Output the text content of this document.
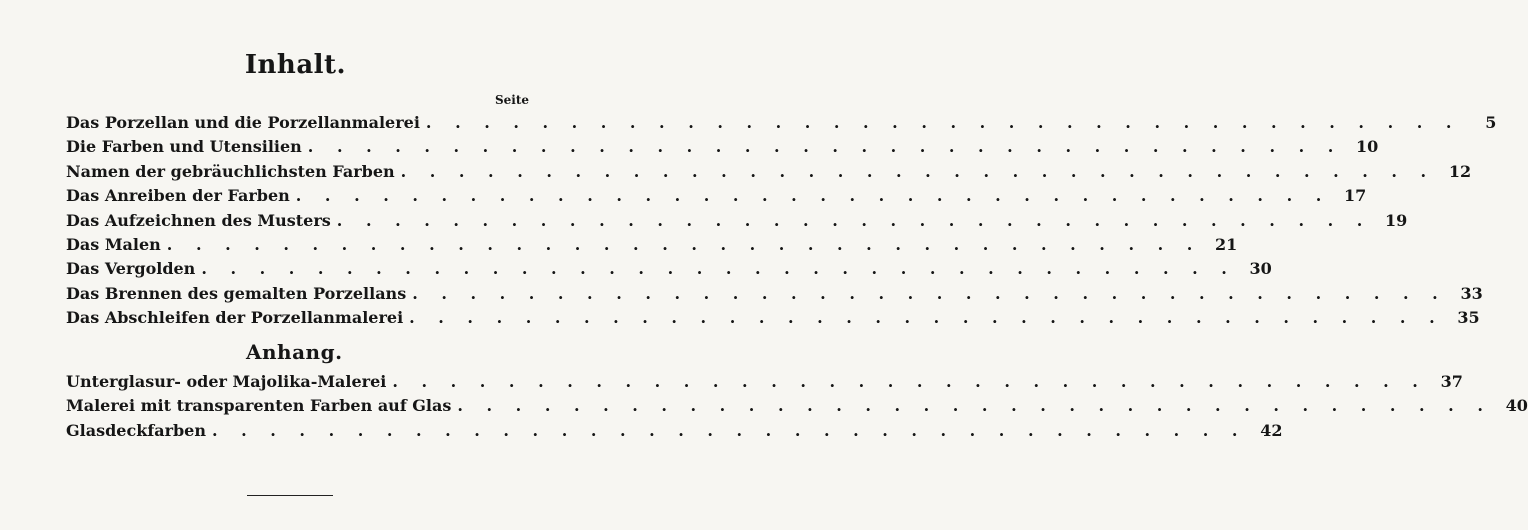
Inhalt.
Seite
Das Porzellan und die Porzellanmalerei . . . . . . . . . . . . . . . . . . . . . . . . . . . . . . . . . . . .	5
Die Farben und Utensilien . . . . . . . . . . . . . . . . . . . . . . . . . . . . . . . . . . . . 10
Namen der gebräuchlichsten Farben . . . . . . . . . . . . . . . . . . . . . . . . . . . . . . . . . . . . 12
Das Anreiben der Farben . . . . . . . . . . . . . . . . . . . . . . . . . . . . . . . . . . . . 17
Das Aufzeichnen des Musters . . . . . . . . . . . . . . . . . . . . . . . . . . . . . . . . . . . . 19
Das Malen . . . . . . . . . . . . . . . . . . . . . . . . . . . . . . . . . . . . 21
Das Vergolden . . . . . . . . . . . . . . . . . . . . . . . . . . . . . . . . . . . . 30
Das Brennen des gemalten Porzellans . . . . . . . . . . . . . . . . . . . . . . . . . . . . . . . . . . . . 33
Das Abschleifen der Porzellanmalerei . . . . . . . . . . . . . . . . . . . . . . . . . . . . . . . . . . . . 35
Anhang.
Unterglasur- oder Majolika-Malerei . . . . . . . . . . . . . . . . . . . . . . . . . . . . . . . . . . . . 37
Malerei mit transparenten Farben auf Glas . . . . . . . . . . . . . . . . . . . . . . . . . . . . . . . . . . . . 40
Glasdeckfarben . . . . . . . . . . . . . . . . . . . . . . . . . . . . . . . . . . . . 42
